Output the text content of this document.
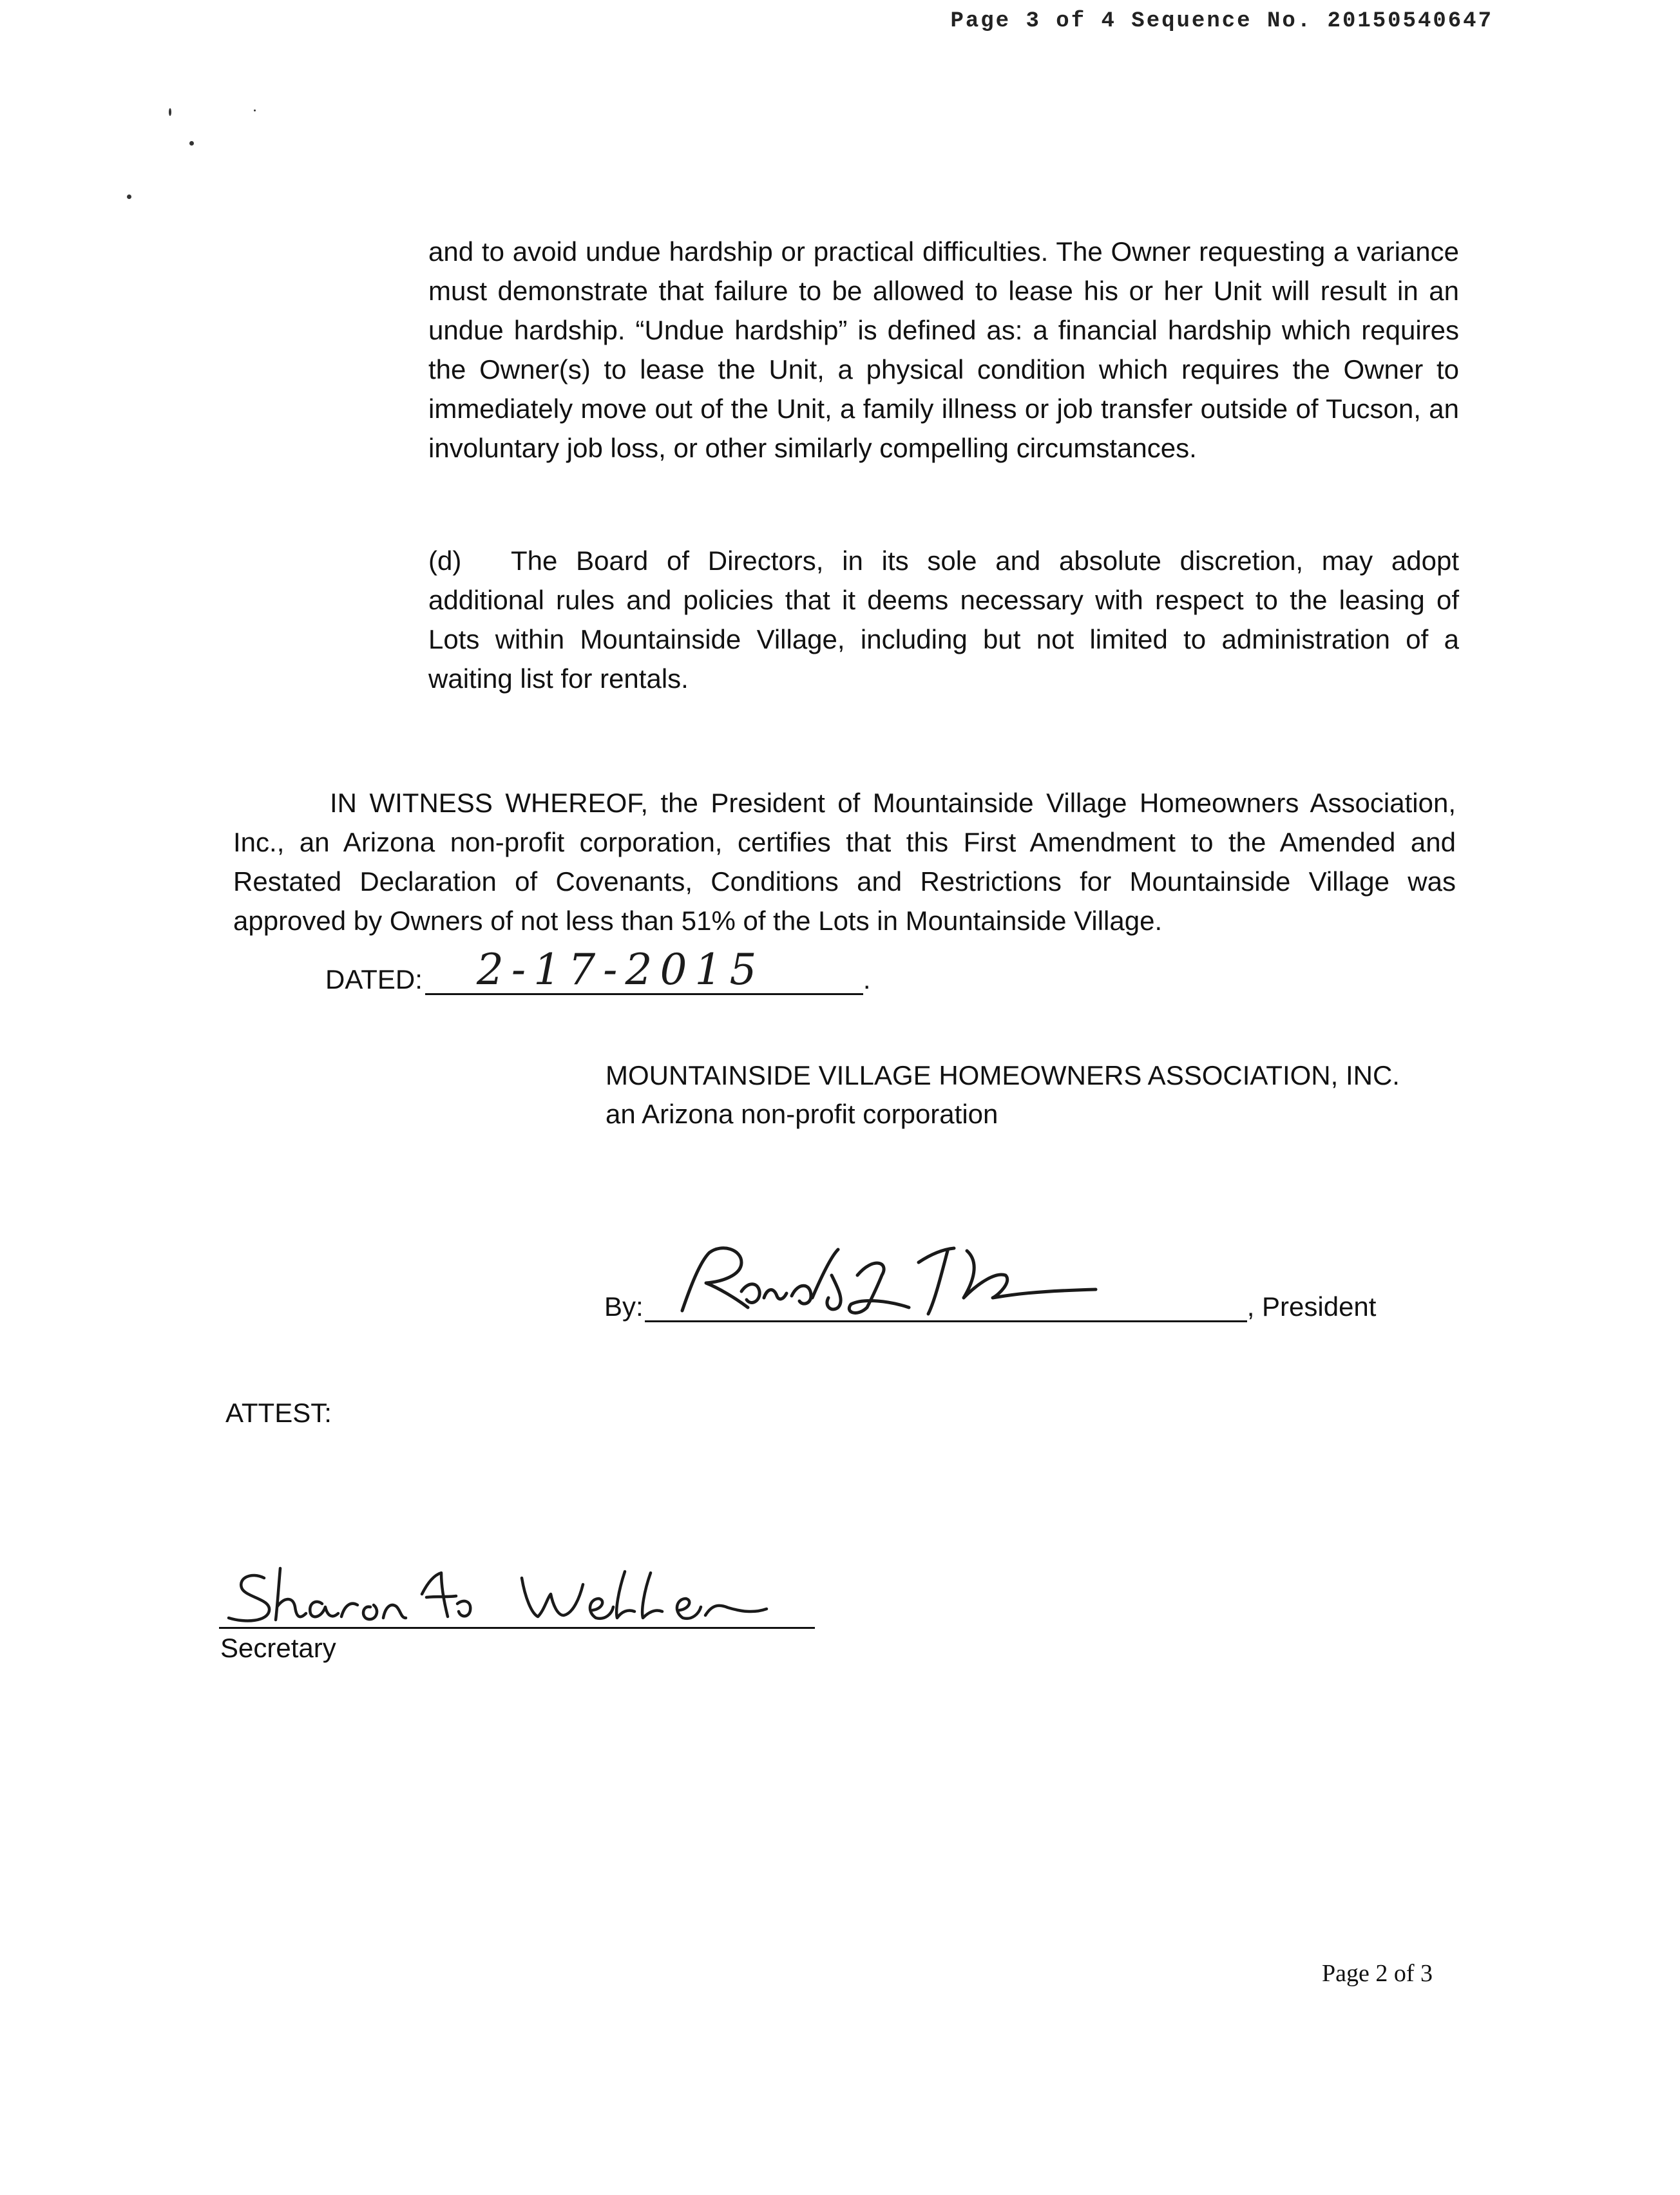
Page 3 of 4 Sequence No. 20150540647
and to avoid undue hardship or practical difficulties. The Owner requesting a variance must demonstrate that failure to be allowed to lease his or her Unit will result in an undue hardship. “Undue hardship” is defined as: a financial hardship which requires the Owner(s) to lease the Unit, a physical condition which requires the Owner to immediately move out of the Unit, a family illness or job transfer outside of Tucson, an involuntary job loss, or other similarly compelling circumstances.
(d) The Board of Directors, in its sole and absolute discretion, may adopt additional rules and policies that it deems necessary with respect to the leasing of Lots within Mountainside Village, including but not limited to administration of a waiting list for rentals.
IN WITNESS WHEREOF, the President of Mountainside Village Homeowners Association, Inc., an Arizona non-profit corporation, certifies that this First Amendment to the Amended and Restated Declaration of Covenants, Conditions and Restrictions for Mountainside Village was approved by Owners of not less than 51% of the Lots in Mountainside Village.
DATED: 2-17-2015	.
MOUNTAINSIDE VILLAGE HOMEOWNERS ASSOCIATION, INC.
an Arizona non-profit corporation
By:	, President
ATTEST:
Secretary
Page 2 of 3
